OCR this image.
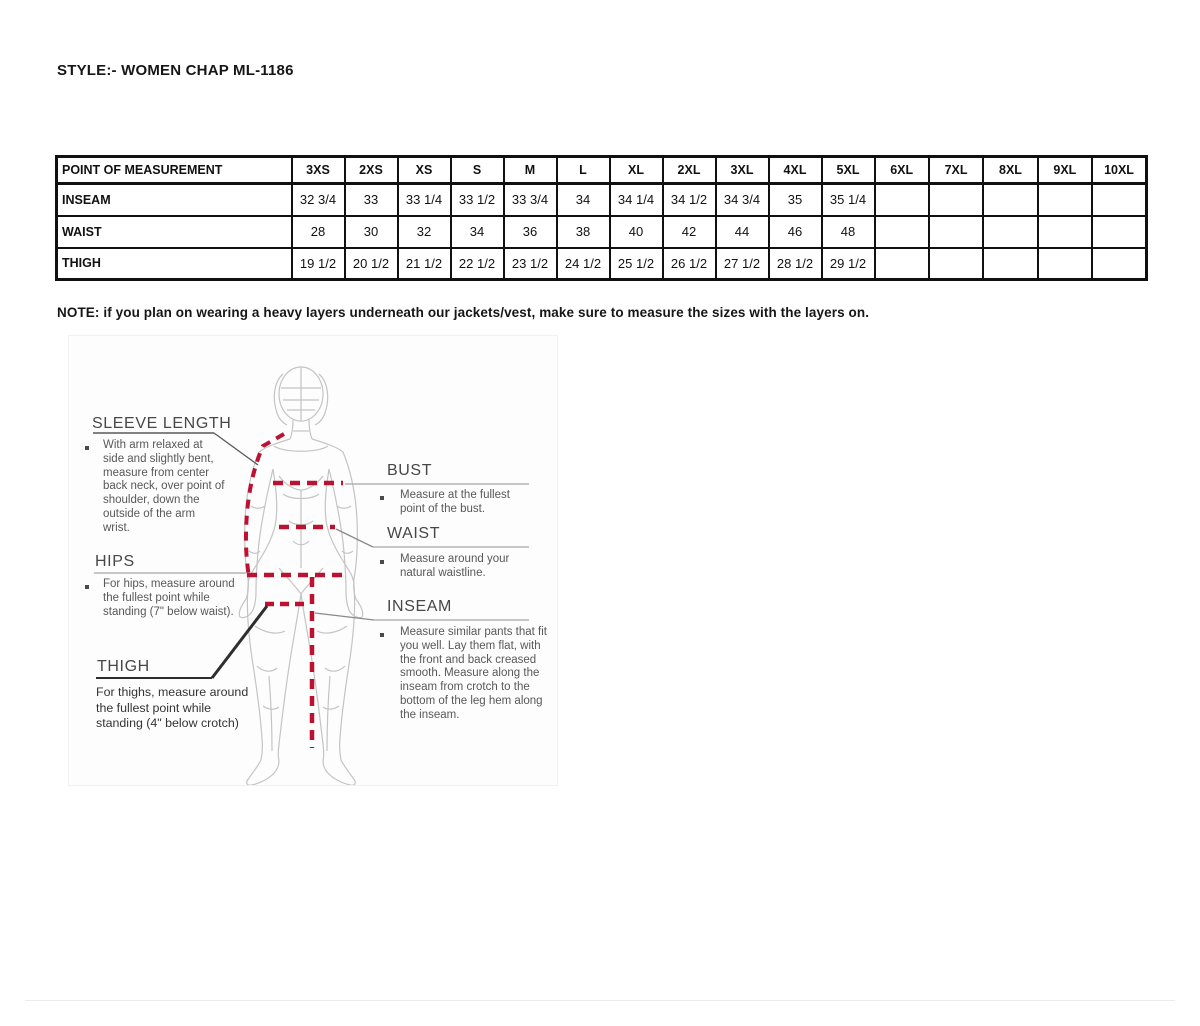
STYLE:- WOMEN CHAP ML-1186
POINT OF MEASUREMENT	3XS	2XS	XS	S	M	L	XL	2XL	3XL	4XL	5XL	6XL	7XL	8XL	9XL	10XL
INSEAM	32 3/4	33	33 1/4	33 1/2	33 3/4	34	34 1/4	34 1/2	34 3/4	35	35 1/4					
WAIST	28	30	32	34	36	38	40	42	44	46	48					
THIGH	19 1/2	20 1/2	21 1/2	22 1/2	23 1/2	24 1/2	25 1/2	26 1/2	27 1/2	28 1/2	29 1/2					
NOTE: if you plan on wearing a heavy layers underneath our jackets/vest, make sure to measure the sizes with the layers on.
SLEEVE LENGTH
With arm relaxed at side and slightly bent, measure from center back neck, over point of shoulder, down the outside of the arm wrist.
HIPS
For hips, measure around the fullest point while standing (7" below waist).
THIGH
For thighs, measure around the fullest point while standing (4" below crotch)
BUST
Measure at the fullest point of the bust.
WAIST
Measure around your natural waistline.
INSEAM
Measure similar pants that fit you well. Lay them flat, with the front and back creased smooth. Measure along the inseam from crotch to the bottom of the leg hem along the inseam.
